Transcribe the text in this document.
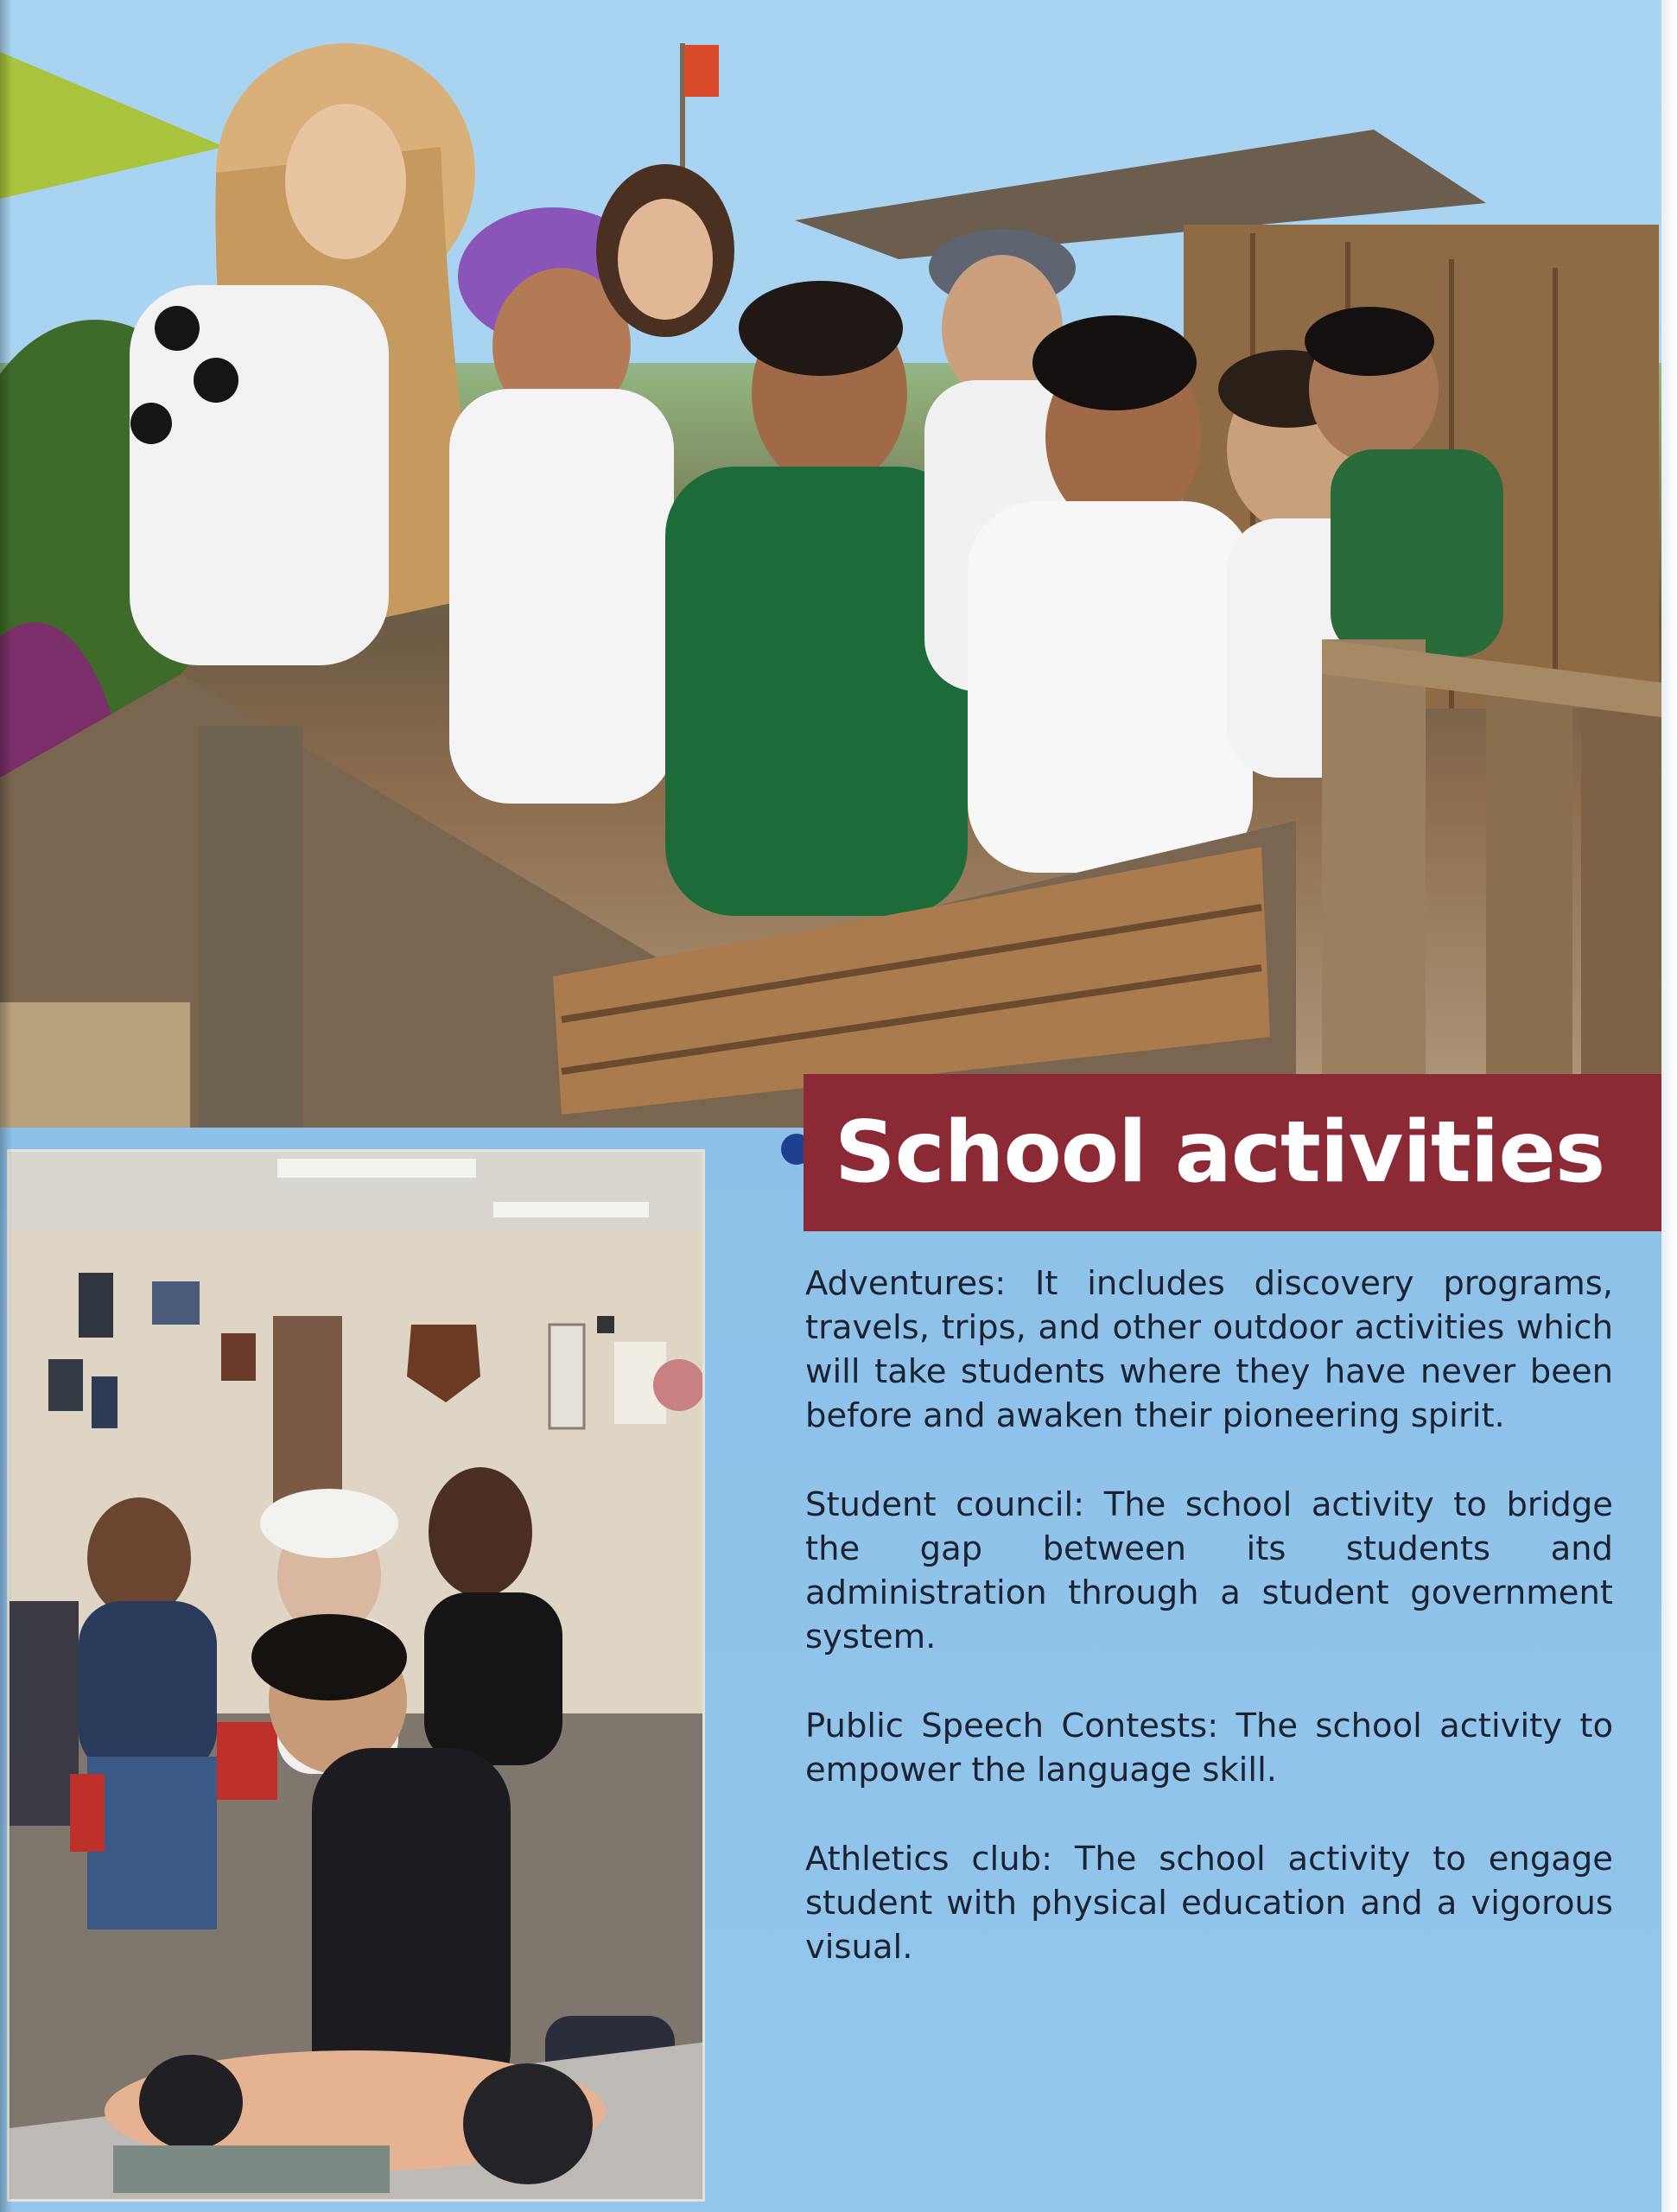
School activities

Adventures: It includes discovery programs, travels, trips, and other outdoor activities which will take students where they have never been before and awaken their pioneering spirit.

Student council: The school activity to bridge the gap between its students and administration through a student government system.

Public Speech Contests: The school activity to empower the language skill.

Athletics club: The school activity to engage student with physical education and a vigorous visual.
